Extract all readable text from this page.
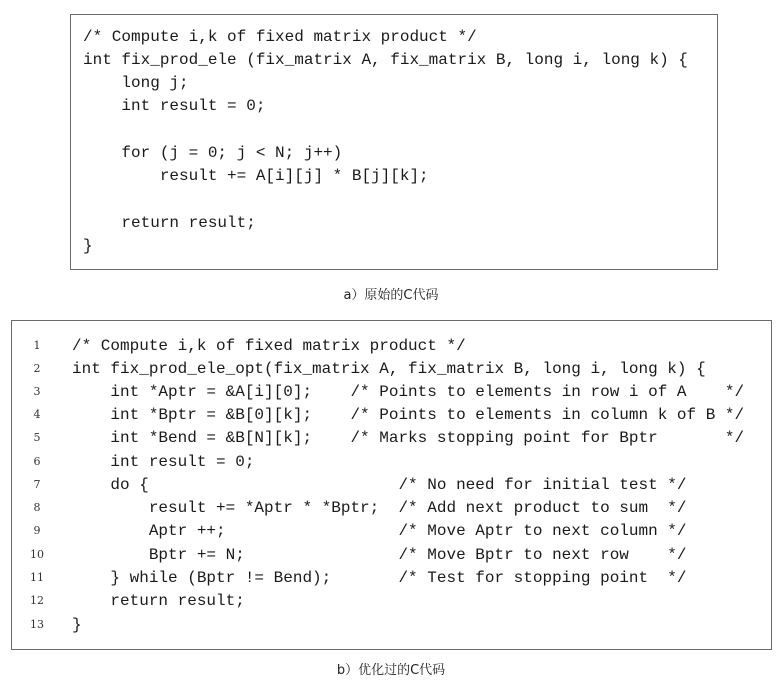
/* Compute i,k of fixed matrix product */
int fix_prod_ele (fix_matrix A, fix_matrix B, long i, long k) {
long j;
int result = 0;
for (j = 0; j < N; j++)
result += A[i][j] * B[j][k];
return result;
}
a）原始的C代码
1
2
3
4
5
6
7
8
9
10
11
12
13
/* Compute i,k of fixed matrix product */
int fix_prod_ele_opt(fix_matrix A, fix_matrix B, long i, long k) {
int *Aptr = &A[i][0];    /* Points to elements in row i of A    */
int *Bptr = &B[0][k];    /* Points to elements in column k of B */
int *Bend = &B[N][k];    /* Marks stopping point for Bptr       */
int result = 0;
do {                          /* No need for initial test */
result += *Aptr * *Bptr;  /* Add next product to sum  */
Aptr ++;                  /* Move Aptr to next column */
Bptr += N;                /* Move Bptr to next row    */
} while (Bptr != Bend);       /* Test for stopping point  */
return result;
}
b）优化过的C代码
